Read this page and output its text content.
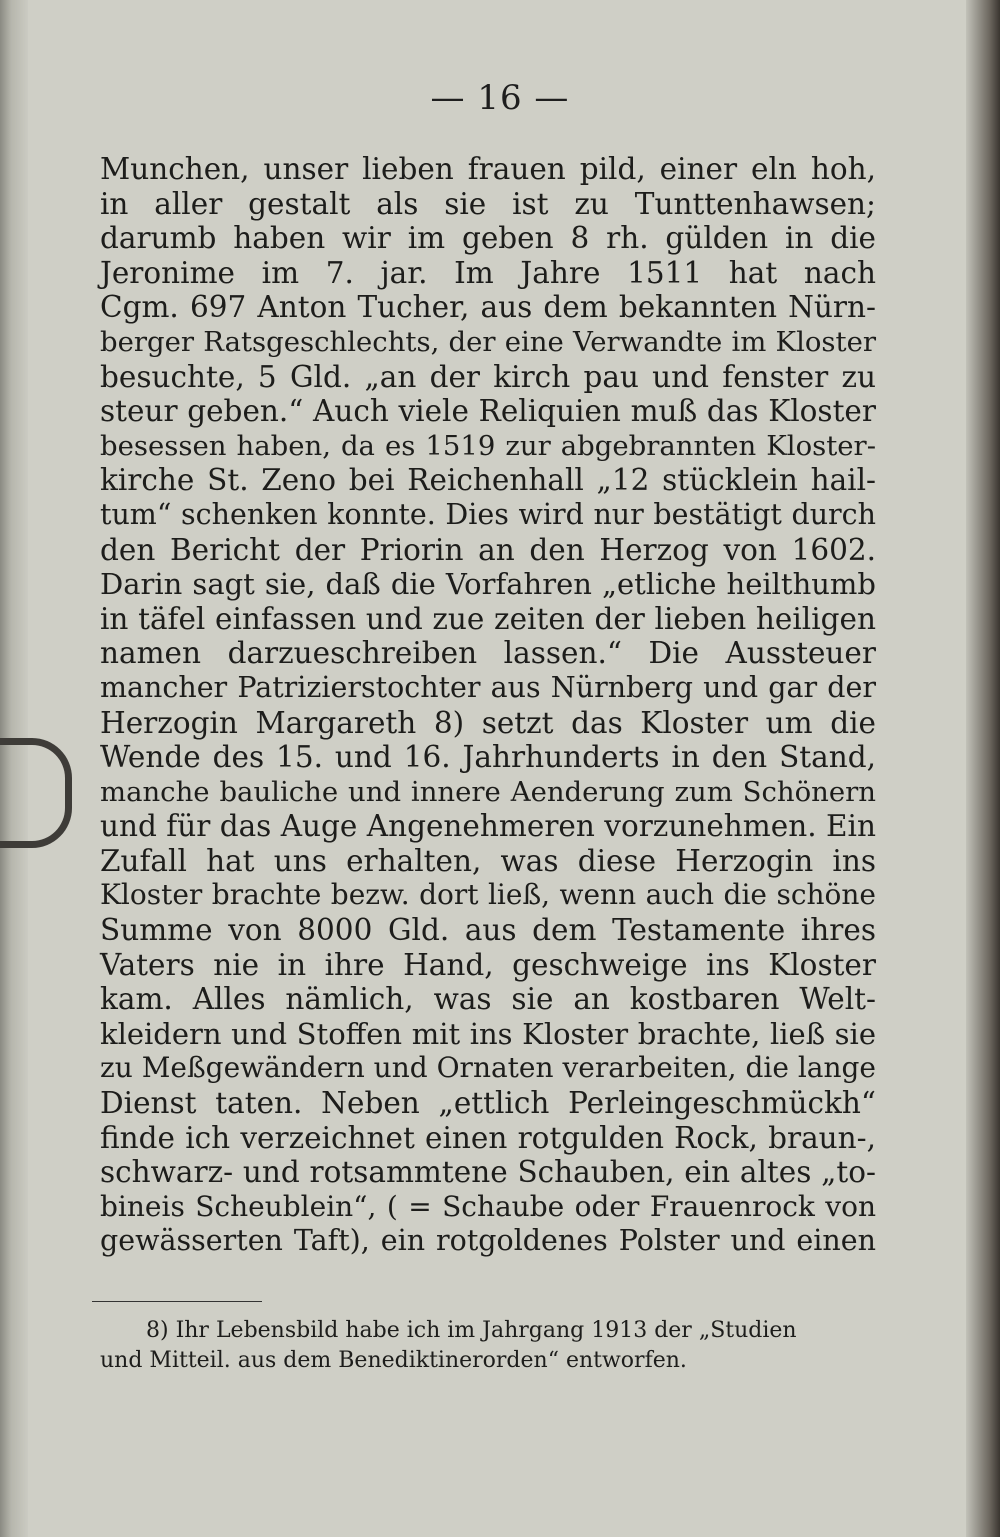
— 16 —
Munchen, unser lieben frauen pild, einer eln hoh,
in aller gestalt als sie ist zu Tunttenhawsen;
darumb haben wir im geben 8 rh. gülden in die
Jeronime im 7. jar. Im Jahre 1511 hat nach
Cgm. 697 Anton Tucher, aus dem bekannten Nürn-
berger Ratsgeschlechts, der eine Verwandte im Kloster
besuchte, 5 Gld. „an der kirch pau und fenster zu
steur geben.“ Auch viele Reliquien muß das Kloster
besessen haben, da es 1519 zur abgebrannten Kloster-
kirche St. Zeno bei Reichenhall „12 stücklein hail-
tum“ schenken konnte. Dies wird nur bestätigt durch
den Bericht der Priorin an den Herzog von 1602.
Darin sagt sie, daß die Vorfahren „etliche heilthumb
in täfel einfassen und zue zeiten der lieben heiligen
namen darzueschreiben lassen.“ Die Aussteuer
mancher Patrizierstochter aus Nürnberg und gar der
Herzogin Margareth 8) setzt das Kloster um die
Wende des 15. und 16. Jahrhunderts in den Stand,
manche bauliche und innere Aenderung zum Schönern
und für das Auge Angenehmeren vorzunehmen. Ein
Zufall hat uns erhalten, was diese Herzogin ins
Kloster brachte bezw. dort ließ, wenn auch die schöne
Summe von 8000 Gld. aus dem Testamente ihres
Vaters nie in ihre Hand, geschweige ins Kloster
kam. Alles nämlich, was sie an kostbaren Welt-
kleidern und Stoffen mit ins Kloster brachte, ließ sie
zu Meßgewändern und Ornaten verarbeiten, die lange
Dienst taten. Neben „ettlich Perleingeschmückh“
finde ich verzeichnet einen rotgulden Rock, braun-,
schwarz- und rotsammtene Schauben, ein altes „to-
bineis Scheublein“, ( = Schaube oder Frauenrock von
gewässerten Taft), ein rotgoldenes Polster und einen
8) Ihr Lebensbild habe ich im Jahrgang 1913 der „Studien
und Mitteil. aus dem Benediktinerorden“ entworfen.
